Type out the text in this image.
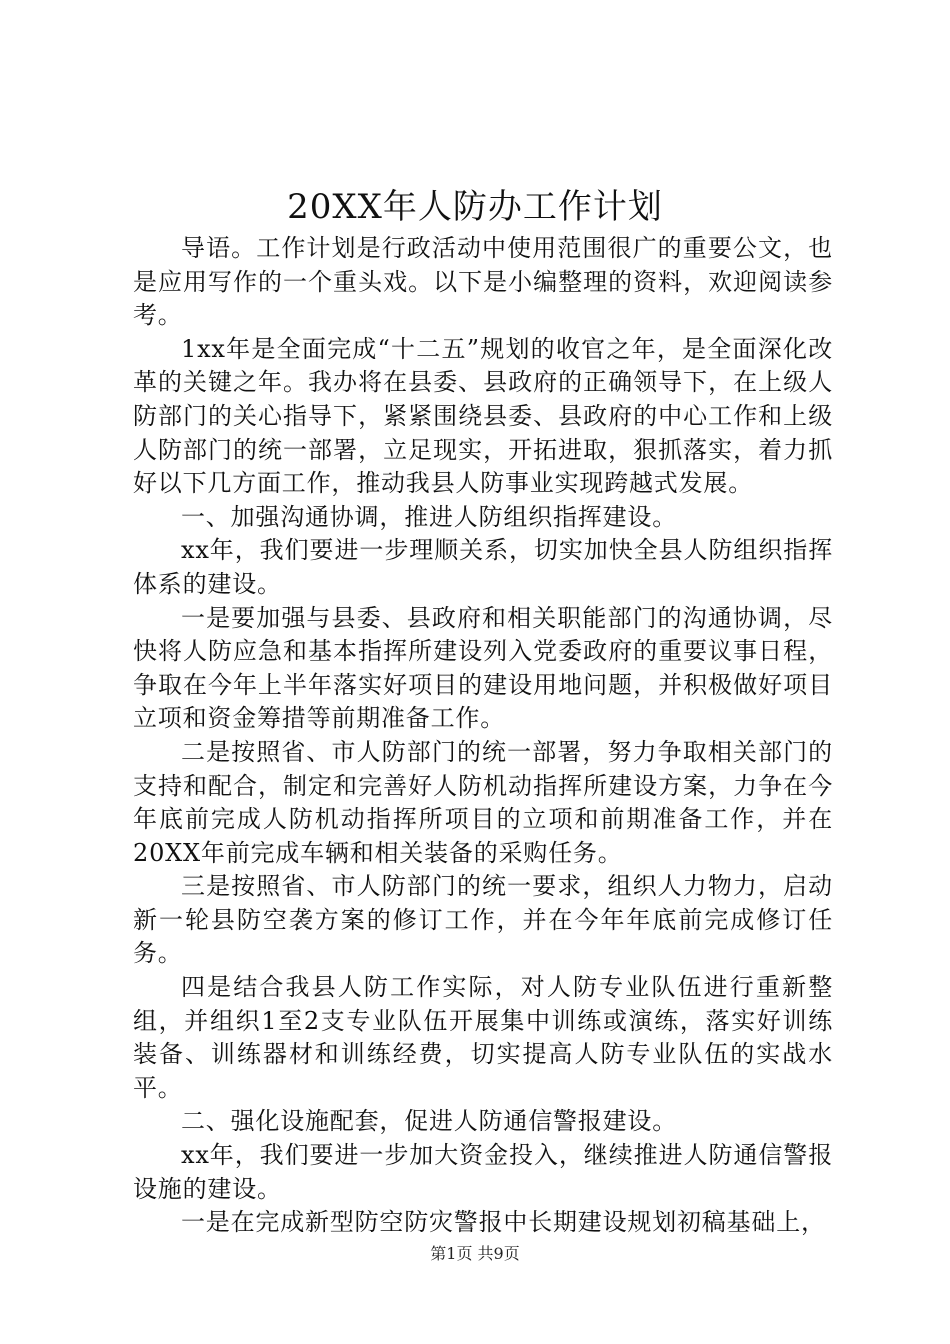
20XX年人防办工作计划

导语。工作计划是行政活动中使用范围很广的重要公文，也是应用写作的一个重头戏。以下是小编整理的资料，欢迎阅读参考。

1xx年是全面完成“十二五”规划的收官之年，是全面深化改革的关键之年。我办将在县委、县政府的正确领导下，在上级人防部门的关心指导下，紧紧围绕县委、县政府的中心工作和上级人防部门的统一部署，立足现实，开拓进取，狠抓落实，着力抓好以下几方面工作，推动我县人防事业实现跨越式发展。

一、加强沟通协调，推进人防组织指挥建设。

xx年，我们要进一步理顺关系，切实加快全县人防组织指挥体系的建设。

一是要加强与县委、县政府和相关职能部门的沟通协调，尽快将人防应急和基本指挥所建设列入党委政府的重要议事日程，争取在今年上半年落实好项目的建设用地问题，并积极做好项目立项和资金筹措等前期准备工作。

二是按照省、市人防部门的统一部署，努力争取相关部门的支持和配合，制定和完善好人防机动指挥所建设方案，力争在今年底前完成人防机动指挥所项目的立项和前期准备工作，并在20XX年前完成车辆和相关装备的采购任务。

三是按照省、市人防部门的统一要求，组织人力物力，启动新一轮县防空袭方案的修订工作，并在今年年底前完成修订任务。

四是结合我县人防工作实际，对人防专业队伍进行重新整组，并组织1至2支专业队伍开展集中训练或演练，落实好训练装备、训练器材和训练经费，切实提高人防专业队伍的实战水平。

二、强化设施配套，促进人防通信警报建设。

xx年，我们要进一步加大资金投入，继续推进人防通信警报设施的建设。

一是在完成新型防空防灾警报中长期建设规划初稿基础上，

第1页 共9页
